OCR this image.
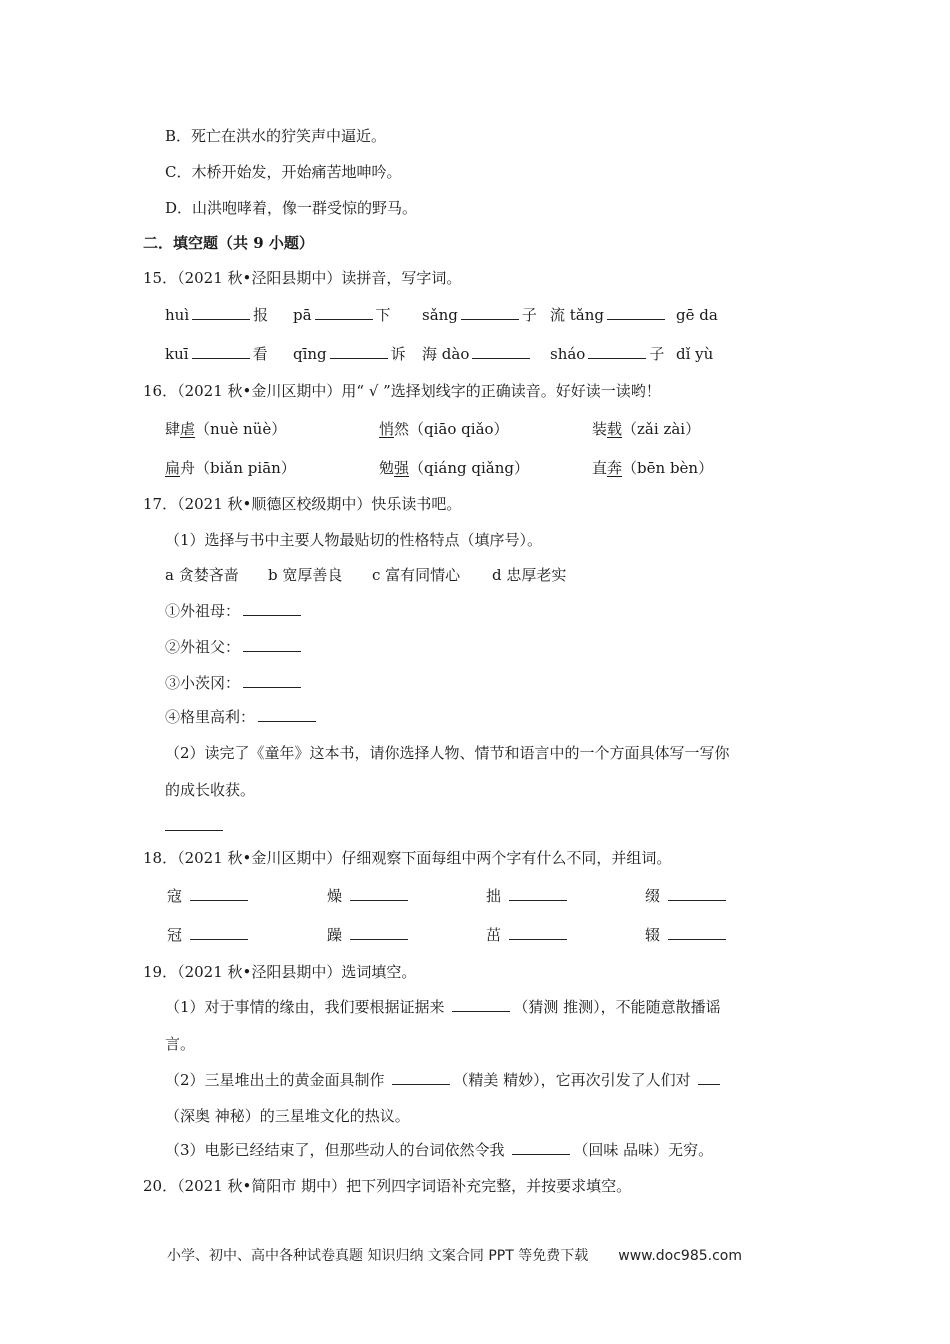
B．死亡在洪水的狞笑声中逼近。
C．木桥开始发，开始痛苦地呻吟。
D．山洪咆哮着，像一群受惊的野马。
二．填空题（共 9 小题）
15．（2021 秋•泾阳县期中）读拼音，写字词。
huì	报 pā	下 sǎng	子 流 tǎng	gē da
kuī	看 qīng	诉 海 dào	sháo	子 dǐ yù
16．（2021 秋•金川区期中）用“ √ ”选择划线字的正确读音。好好读一读哟！
肆虐（nuè nüè）	悄然（qiāo qiǎo）	装载（zǎi zài）
扁舟（biǎn piān）	勉强（qiáng qiǎng）	直奔（bēn bèn）
17．（2021 秋•顺德区校级期中）快乐读书吧。
（1）选择与书中主要人物最贴切的性格特点（填序号）。
a 贪婪吝啬 b 宽厚善良 c 富有同情心 d 忠厚老实
①外祖母：
②外祖父：
③小茨冈：
④格里高利：
（2）读完了《童年》这本书，请你选择人物、情节和语言中的一个方面具体写一写你
的成长收获。
18．（2021 秋•金川区期中）仔细观察下面每组中两个字有什么不同，并组词。
寇	燥	拙	缀
冠	躁	茁	辍
19．（2021 秋•泾阳县期中）选词填空。
（1）对于事情的缘由，我们要根据证据来	（猜测 推测），不能随意散播谣
言。
（2）三星堆出土的黄金面具制作	（精美 精妙），它再次引发了人们对
（深奥 神秘）的三星堆文化的热议。
（3）电影已经结束了，但那些动人的台词依然令我	（回味 品味）无穷。
20．（2021 秋•简阳市 期中）把下列四字词语补充完整，并按要求填空。
小学、初中、高中各种试卷真题 知识归纳 文案合同 PPT 等免费下载 www.doc985.com
